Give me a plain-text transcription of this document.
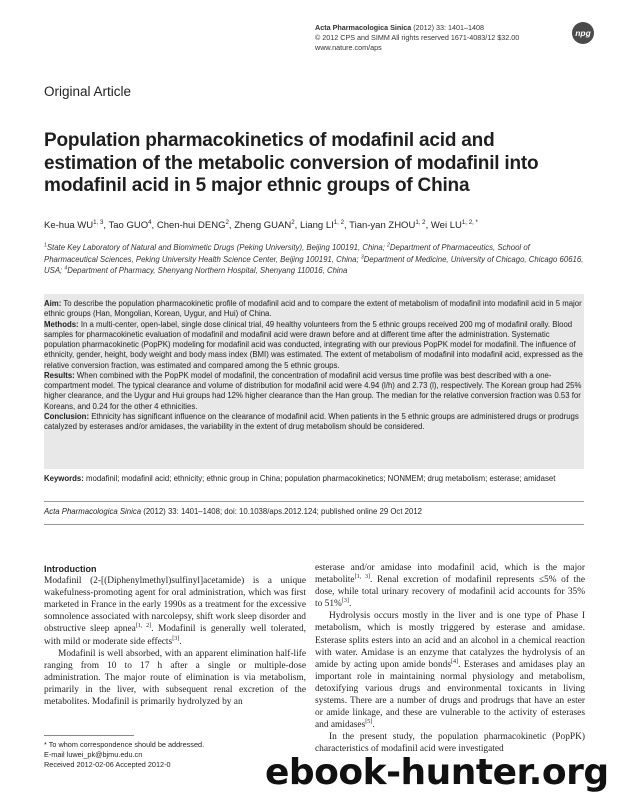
Acta Pharmacologica Sinica (2012) 33: 1401–1408
© 2012 CPS and SIMM All rights reserved 1671-4083/12 $32.00
www.nature.com/aps
npg
Original Article
Population pharmacokinetics of modafinil acid and estimation of the metabolic conversion of modafinil into modafinil acid in 5 major ethnic groups of China
Ke-hua WU$^{1, 3}$, Tao GUO$^4$, Chen-hui DENG$^2$, Zheng GUAN$^2$, Liang LI$^{1, 2}$, Tian-yan ZHOU$^{1, 2}$, Wei $LU^{1, 2, *}$
$^1$State Key Laboratory of Natural and Biomimetic Drugs (Peking University), Beijing 100191, China; $^2$Department of Pharmaceutics, School of Pharmaceutical Sciences, Peking University Health Science Center, Beijing 100191, China; $^3$Department of Medicine, University of Chicago, Chicago 60616, USA; $^4$Department of Pharmacy, Shenyang Northern Hospital, Shenyang 110016, China

Aim: To describe the population pharmacokinetic profile of modafinil acid and to compare the extent of metabolism of modafinil into modafinil acid in 5 major ethnic groups (Han, Mongolian, Korean, Uygur, and Hui) of China.

Methods: In a multi-center, open-label, single dose clinical trial, 49 healthy volunteers from the 5 ethnic groups received 200 mg of modafinil orally. Blood samples for pharmacokinetic evaluation of modafinil and modafinil acid were drawn before and at different time after the administration. Systematic population pharmacokinetic (PopPK) modeling for modafinil acid was conducted, integrating with our previous PopPK model for modafinil. The influence of ethnicity, gender, height, body weight and body mass index (BMI) was estimated. The extent of metabolism of modafinil into modafinil acid, expressed as the relative conversion fraction, was estimated and compared among the 5 ethnic groups.

Results: When combined with the PopPK model of modafinil, the concentration of modafinil acid versus time profile was best described with a one-compartment model. The typical clearance and volume of distribution for modafinil acid were 4.94 (l/h) and 2.73 (l), respectively. The Korean group had 25% higher clearance, and the Uygur and Hui groups had 12% higher clearance than the Han group. The median for the relative conversion fraction was 0.53 for Koreans, and 0.24 for the other 4 ethnicities.

Conclusion: Ethnicity has significant influence on the clearance of modafinil acid. When patients in the 5 ethnic groups are administered drugs or prodrugs catalyzed by esterases and/or amidases, the variability in the extent of drug metabolism should be considered.

Keywords: modafinil; modafinil acid; ethnicity; ethnic group in China; population pharmacokinetics; NONMEM; drug metabolism; esterase; amidaset
Acta Pharmacologica Sinica (2012) 33: 1401–1408; doi: 10.1038/aps.2012.124; published online 29 Oct 2012
Introduction

Modafinil (2-[(Diphenylmethyl)sulfinyl]acetamide) is a unique wakefulness-promoting agent for oral administration, which was first marketed in France in the early 1990s as a treatment for the excessive somnolence associated with narcolepsy, shift work sleep disorder and obstructive sleep apnea[1, 2]. Modafinil is generally well tolerated, with mild or moderate side effects[3].

Modafinil is well absorbed, with an apparent elimination half-life ranging from 10 to 17 h after a single or multiple-dose administration. The major route of elimination is via metabolism, primarily in the liver, with subsequent renal excretion of the metabolites. Modafinil is primarily hydrolyzed by an

esterase and/or amidase into modafinil acid, which is the major metabolite[1, 3]. Renal excretion of modafinil represents ≤5% of the dose, while total urinary recovery of modafinil acid accounts for 35% to 51%[3].

Hydrolysis occurs mostly in the liver and is one type of Phase I metabolism, which is mostly triggered by esterase and amidase. Esterase splits esters into an acid and an alcohol in a chemical reaction with water. Amidase is an enzyme that catalyzes the hydrolysis of an amide by acting upon amide bonds[4]. Esterases and amidases play an important role in maintaining normal physiology and metabolism, detoxifying various drugs and environmental toxicants in living systems. There are a number of drugs and prodrugs that have an ester or amide linkage, and these are vulnerable to the activity of esterases and amidases[5].

In the present study, the population pharmacokinetic (PopPK) characteristics of modafinil acid were investigated

* To whom correspondence should be addressed.
E-mail luwei_pk@bjmu.edu.cn
Received 2012-02-06 Accepted 2012-0	ebook-hunter.org
